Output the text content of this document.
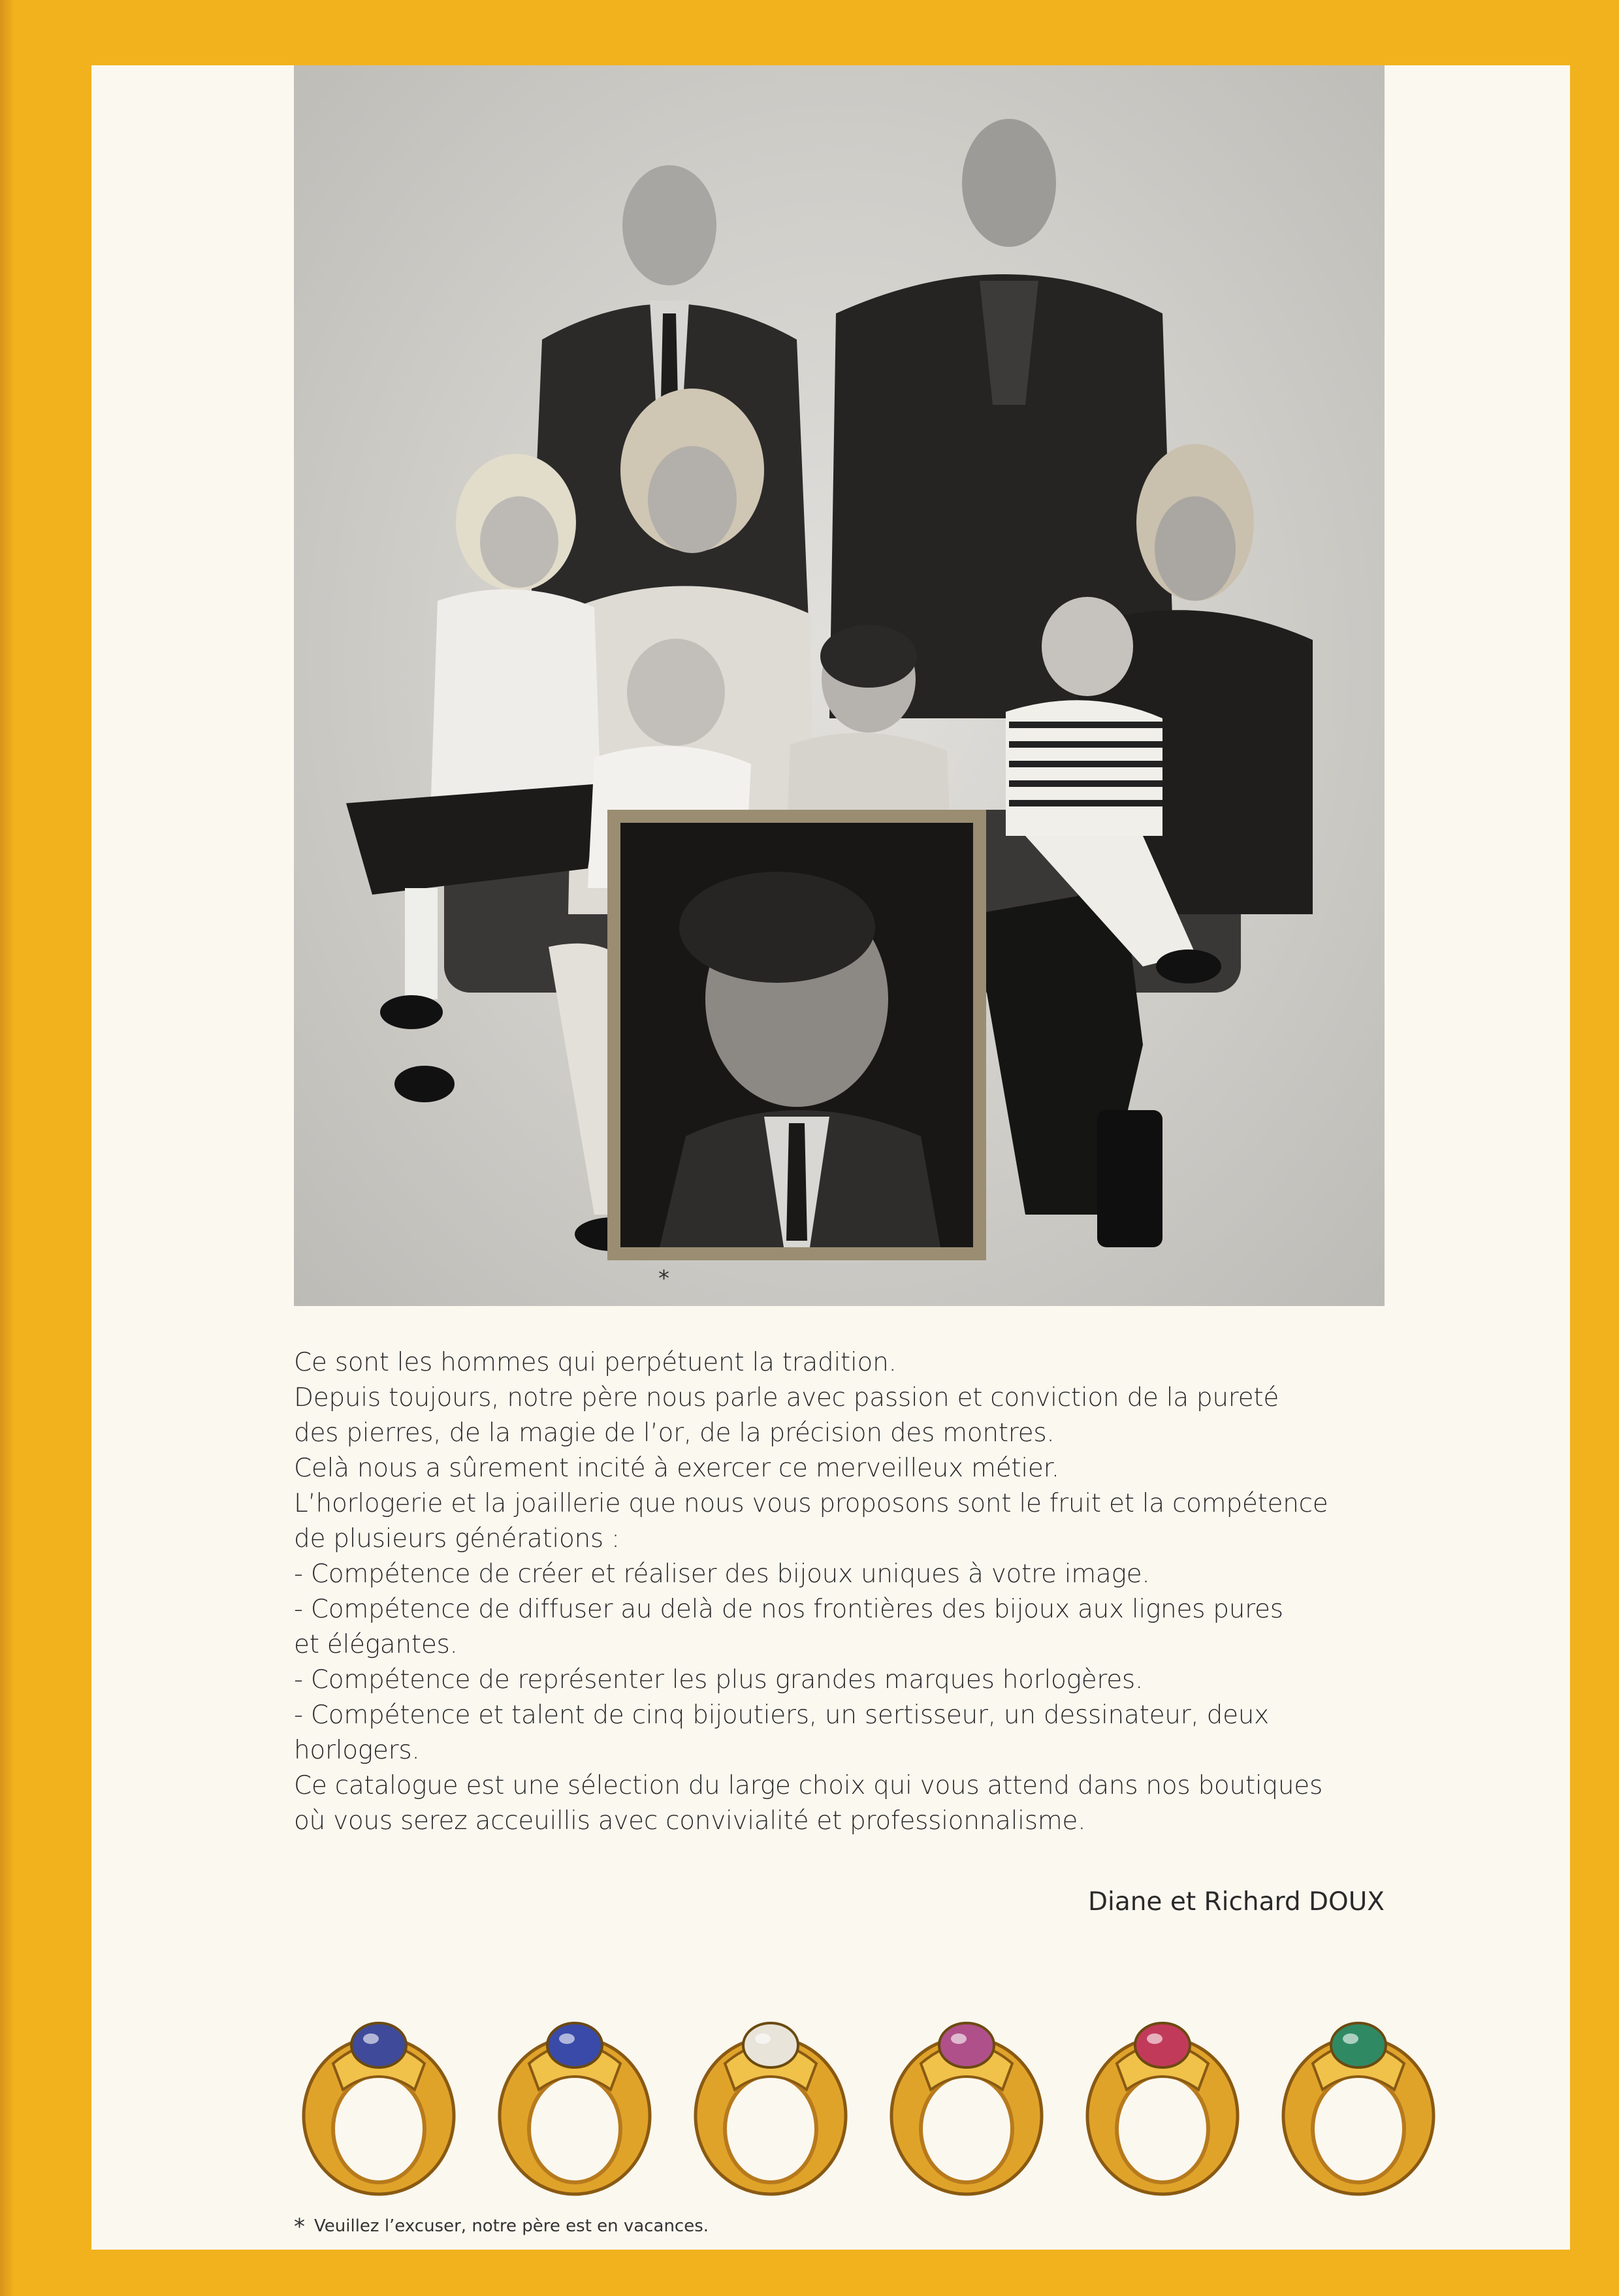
*

Ce sont les hommes qui perpétuent la tradition.

Depuis toujours, notre père nous parle avec passion et conviction de la pureté

des pierres, de la magie de l’or, de la précision des montres.

Celà nous a sûrement incité à exercer ce merveilleux métier.

L’horlogerie et la joaillerie que nous vous proposons sont le fruit et la compétence

de plusieurs générations :

- Compétence de créer et réaliser des bijoux uniques à votre image.

- Compétence de diffuser au delà de nos frontières des bijoux aux lignes pures

et élégantes.

- Compétence de représenter les plus grandes marques horlogères.

- Compétence et talent de cinq bijoutiers, un sertisseur, un dessinateur, deux

horlogers.

Ce catalogue est une sélection du large choix qui vous attend dans nos boutiques

où vous serez acceuillis avec convivialité et professionnalisme.

Diane et Richard DOUX
* Veuillez l’excuser, notre père est en vacances.
